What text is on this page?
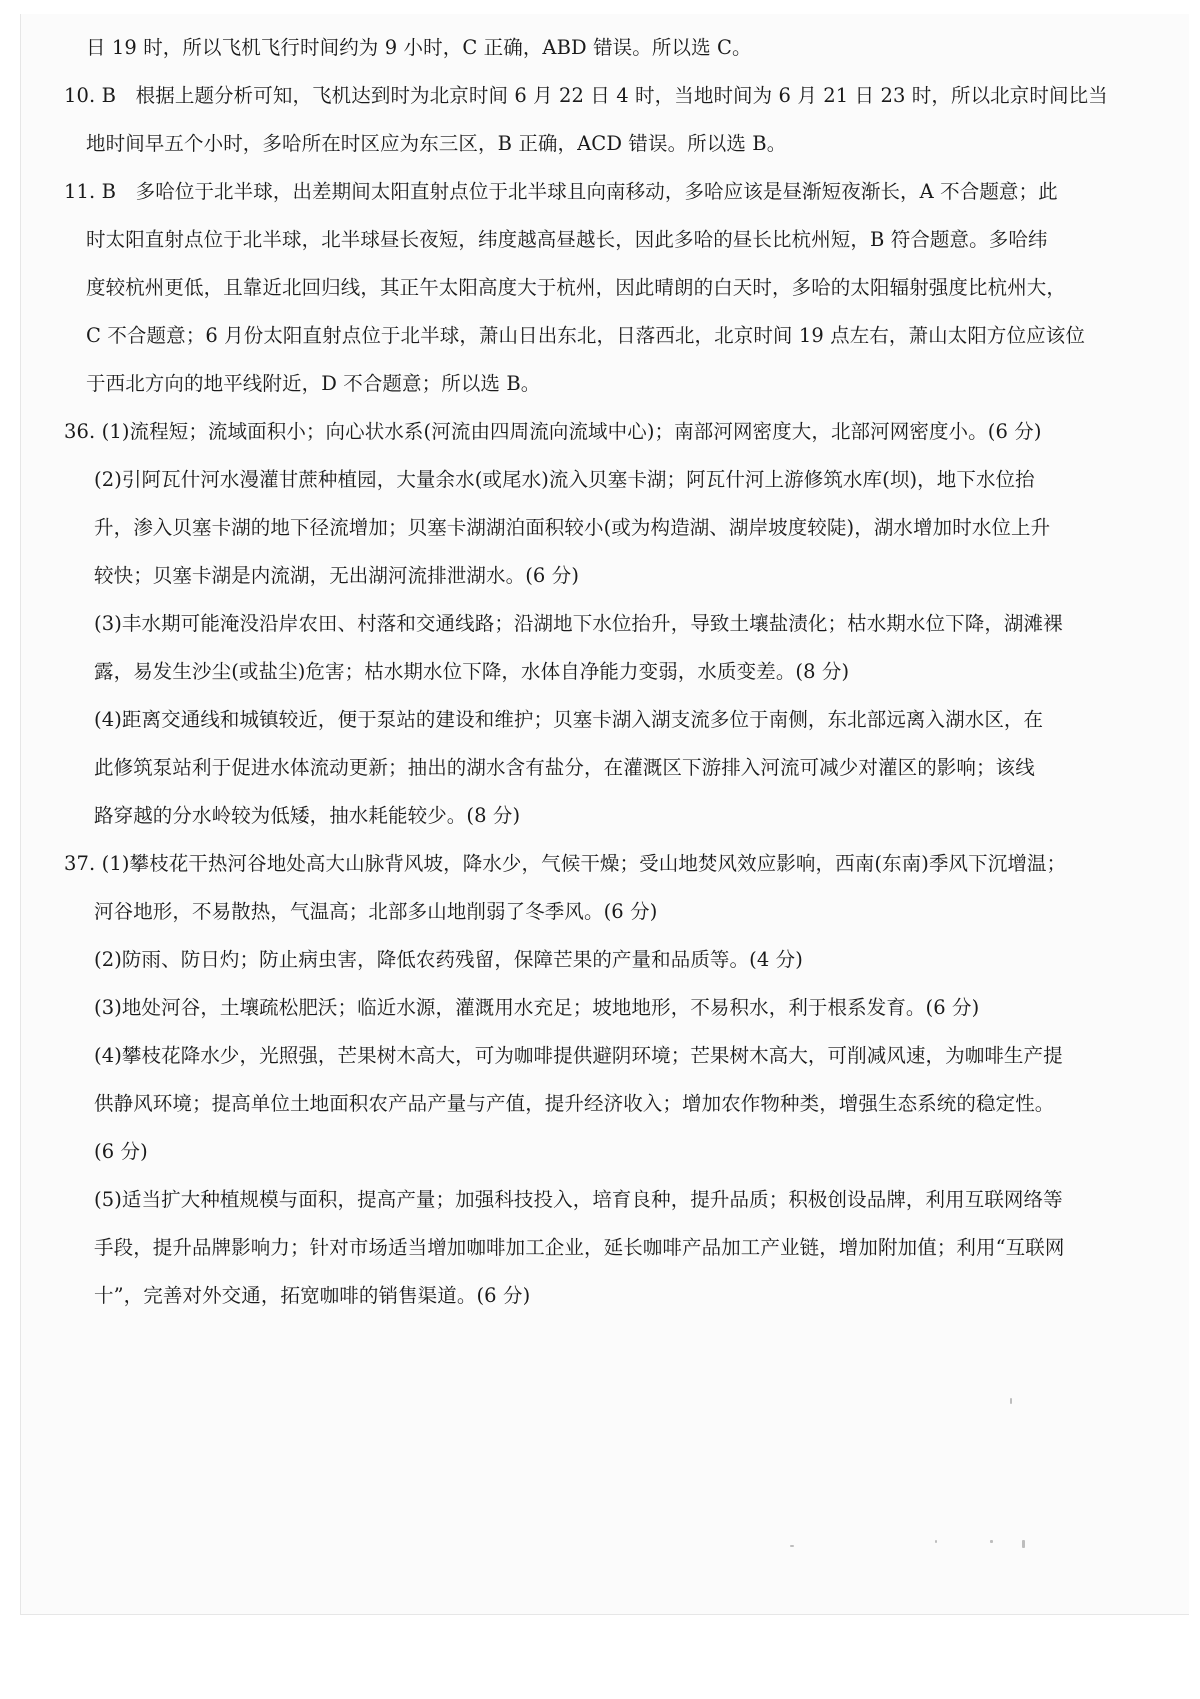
日 19 时，所以飞机飞行时间约为 9 小时，C 正确，ABD 错误。所以选 C。
10. B　根据上题分析可知，飞机达到时为北京时间 6 月 22 日 4 时，当地时间为 6 月 21 日 23 时，所以北京时间比当
地时间早五个小时，多哈所在时区应为东三区，B 正确，ACD 错误。所以选 B。
11. B　多哈位于北半球，出差期间太阳直射点位于北半球且向南移动，多哈应该是昼渐短夜渐长，A 不合题意；此
时太阳直射点位于北半球，北半球昼长夜短，纬度越高昼越长，因此多哈的昼长比杭州短，B 符合题意。多哈纬
度较杭州更低，且靠近北回归线，其正午太阳高度大于杭州，因此晴朗的白天时，多哈的太阳辐射强度比杭州大，
C 不合题意；6 月份太阳直射点位于北半球，萧山日出东北，日落西北，北京时间 19 点左右，萧山太阳方位应该位
于西北方向的地平线附近，D 不合题意；所以选 B。
36. (1)流程短；流域面积小；向心状水系(河流由四周流向流域中心)；南部河网密度大，北部河网密度小。(6 分)
(2)引阿瓦什河水漫灌甘蔗种植园，大量余水(或尾水)流入贝塞卡湖；阿瓦什河上游修筑水库(坝)，地下水位抬
升，渗入贝塞卡湖的地下径流增加；贝塞卡湖湖泊面积较小(或为构造湖、湖岸坡度较陡)，湖水增加时水位上升
较快；贝塞卡湖是内流湖，无出湖河流排泄湖水。(6 分)
(3)丰水期可能淹没沿岸农田、村落和交通线路；沿湖地下水位抬升，导致土壤盐渍化；枯水期水位下降，湖滩裸
露，易发生沙尘(或盐尘)危害；枯水期水位下降，水体自净能力变弱，水质变差。(8 分)
(4)距离交通线和城镇较近，便于泵站的建设和维护；贝塞卡湖入湖支流多位于南侧，东北部远离入湖水区，在
此修筑泵站利于促进水体流动更新；抽出的湖水含有盐分，在灌溉区下游排入河流可减少对灌区的影响；该线
路穿越的分水岭较为低矮，抽水耗能较少。(8 分)
37. (1)攀枝花干热河谷地处高大山脉背风坡，降水少，气候干燥；受山地焚风效应影响，西南(东南)季风下沉增温；
河谷地形，不易散热，气温高；北部多山地削弱了冬季风。(6 分)
(2)防雨、防日灼；防止病虫害，降低农药残留，保障芒果的产量和品质等。(4 分)
(3)地处河谷，土壤疏松肥沃；临近水源，灌溉用水充足；坡地地形，不易积水，利于根系发育。(6 分)
(4)攀枝花降水少，光照强，芒果树木高大，可为咖啡提供避阴环境；芒果树木高大，可削减风速，为咖啡生产提
供静风环境；提高单位土地面积农产品产量与产值，提升经济收入；增加农作物种类，增强生态系统的稳定性。
(6 分)
(5)适当扩大种植规模与面积，提高产量；加强科技投入，培育良种，提升品质；积极创设品牌，利用互联网络等
手段，提升品牌影响力；针对市场适当增加咖啡加工企业，延长咖啡产品加工产业链，增加附加值；利用“互联网
十”，完善对外交通，拓宽咖啡的销售渠道。(6 分)
